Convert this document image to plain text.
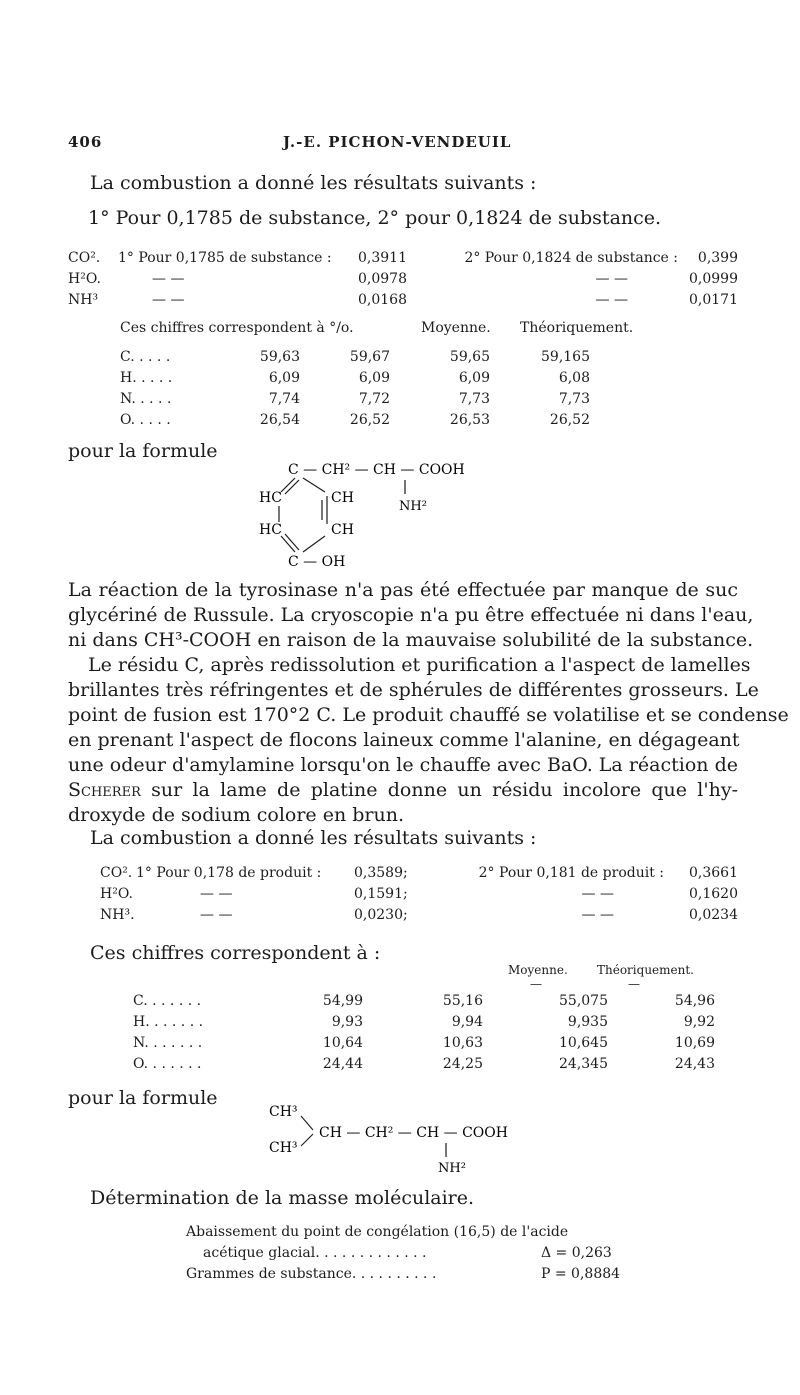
406	J.-E. PICHON-VENDEUIL
La combustion a donné les résultats suivants :
1° Pour 0,1785 de substance, 2° pour 0,1824 de substance.
CO².	1° Pour 0,1785 de substance :	0,3911	2° Pour 0,1824 de substance :	0,399
H²O.	— —	0,0978	— —	0,0999
NH³	— —	0,0168	— —	0,0171
Ces chiffres correspondent à °/o.	Moyenne. Théoriquement.
C. . . . .	59,63	59,67	59,65	59,165
H. . . . .	6,09	6,09	6,09	6,08
N. . . . .	7,74	7,72	7,73	7,73
O. . . . .	26,54	26,52	26,53	26,52
pour la formule
C — CH² — CH — COOH
NH²
HC	CH
HC	CH
C — OH
La réaction de la tyrosinase n'a pas été effectuée par manque de suc
glycériné de Russule. La cryoscopie n'a pu être effectuée ni dans l'eau,
ni dans CH³-COOH en raison de la mauvaise solubilité de la substance.
Le résidu C, après redissolution et purification a l'aspect de lamelles
brillantes très réfringentes et de sphérules de différentes grosseurs. Le
point de fusion est 170°2 C. Le produit chauffé se volatilise et se condense
en prenant l'aspect de flocons laineux comme l'alanine, en dégageant
une odeur d'amylamine lorsqu'on le chauffe avec BaO. La réaction de
Scherer sur la lame de platine donne un résidu incolore que l'hy-
droxyde de sodium colore en brun.
La combustion a donné les résultats suivants :
CO².	1° Pour 0,178 de produit :	0,3589;	2° Pour 0,181 de produit :	0,3661
H²O.	— —	0,1591;	— —	0,1620
NH³.	— —	0,0230;	— —	0,0234
Ces chiffres correspondent à :
Moyenne. Théoriquement.
—	—
C. . . . . . .	54,99	55,16	55,075	54,96
H. . . . . . .	9,93	9,94	9,935	9,92
N. . . . . . .	10,64	10,63	10,645	10,69
O. . . . . . .	24,44	24,25	24,345	24,43
pour la formule
CH³
CH³
CH — CH² — CH — COOH
NH²
Détermination de la masse moléculaire.
Abaissement du point de congélation (16,5) de l'acide
acétique glacial. . . . . . . . . . . . .	Δ = 0,263
Grammes de substance. . . . . . . . . .	P = 0,8884
